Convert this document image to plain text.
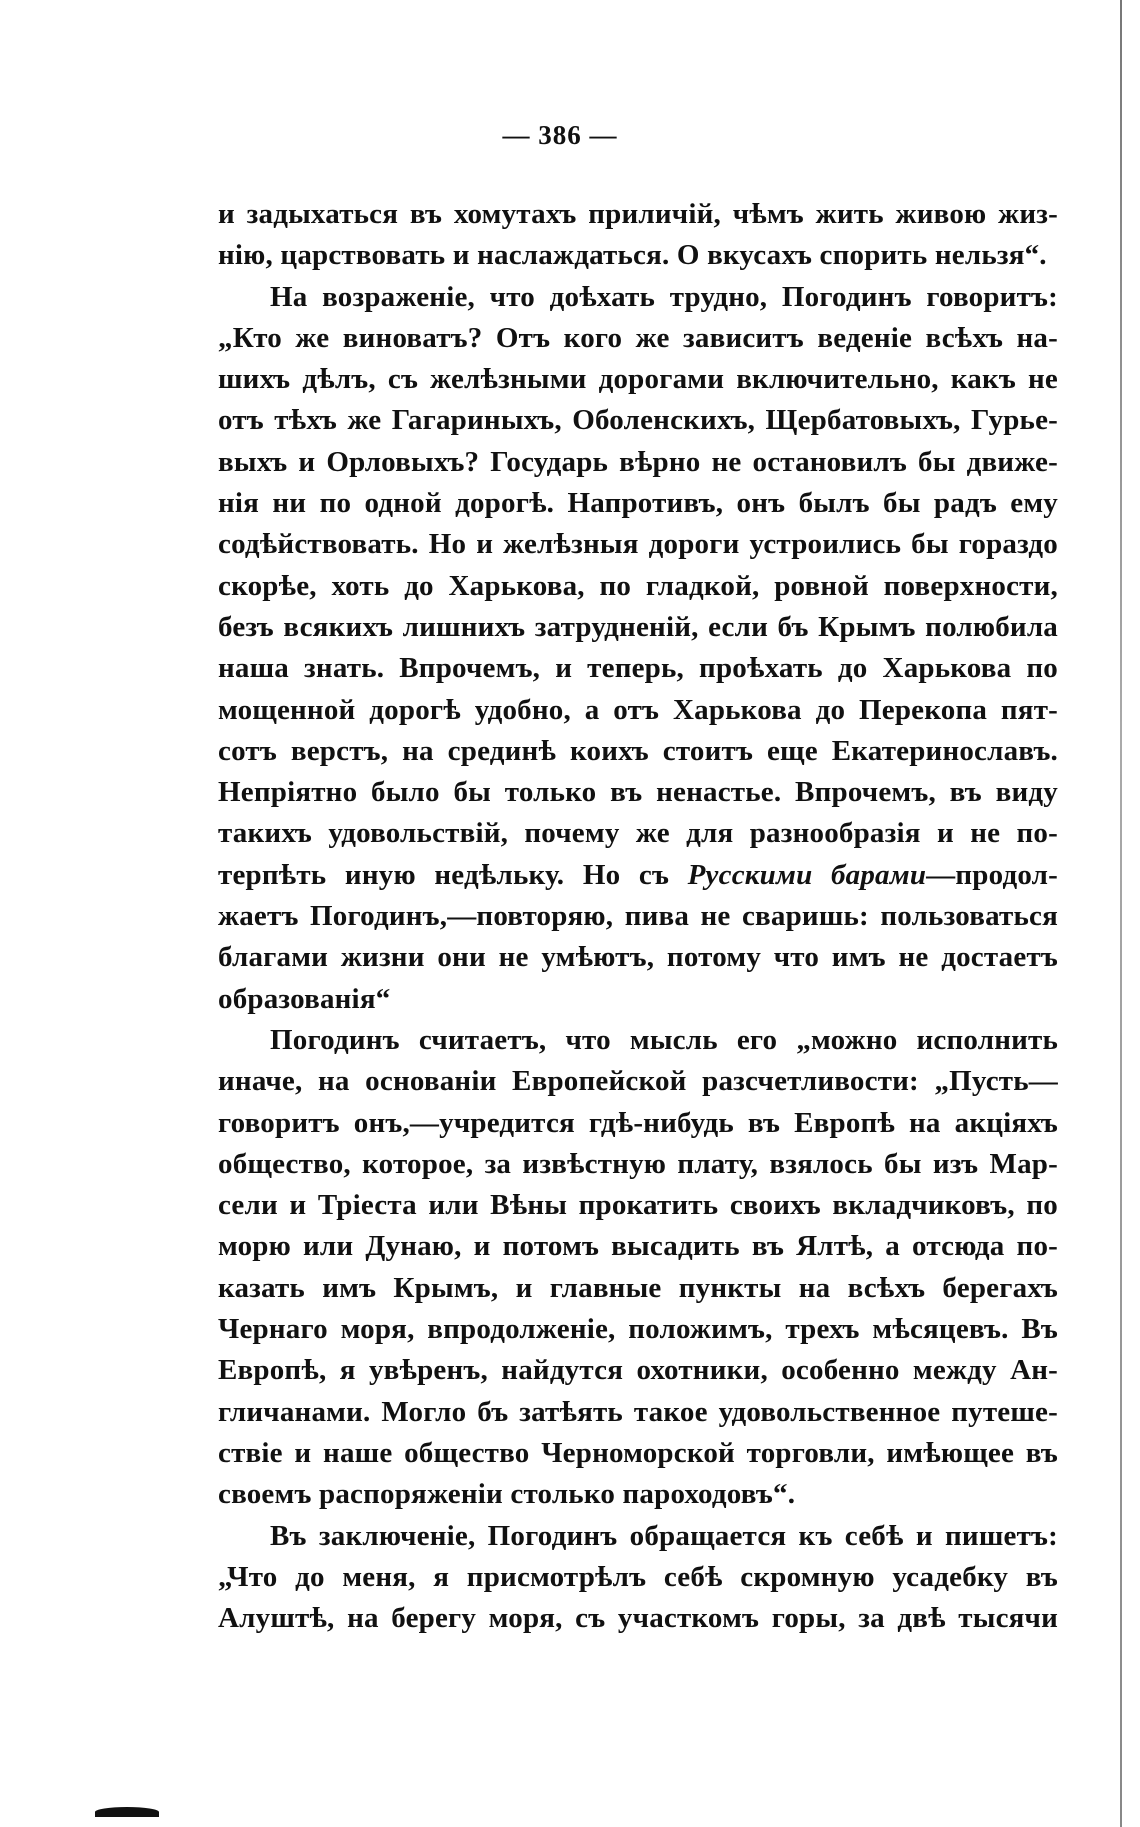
— 386 —
и задыхаться въ хомутахъ приличій, чѣмъ жить живою жиз-
нію, царствовать и наслаждаться. О вкусахъ спорить нельзя“.
На возраженіе, что доѣхать трудно, Погодинъ говоритъ:
„Кто же виноватъ? Отъ кого же зависитъ веденіе всѣхъ на-
шихъ дѣлъ, съ желѣзными дорогами включительно, какъ не
отъ тѣхъ же Гагариныхъ, Оболенскихъ, Щербатовыхъ, Гурье-
выхъ и Орловыхъ? Государь вѣрно не остановилъ бы движе-
нія ни по одной дорогѣ. Напротивъ, онъ былъ бы радъ ему
содѣйствовать. Но и желѣзныя дороги устроились бы гораздо
скорѣе, хоть до Харькова, по гладкой, ровной поверхности,
безъ всякихъ лишнихъ затрудненій, если бъ Крымъ полюбила
наша знать. Впрочемъ, и теперь, проѣхать до Харькова по
мощенной дорогѣ удобно, а отъ Харькова до Перекопа пят-
сотъ верстъ, на срединѣ коихъ стоитъ еще Екатеринославъ.
Непріятно было бы только въ ненастье. Впрочемъ, въ виду
такихъ удовольствій, почему же для разнообразія и не по-
терпѣть иную недѣльку. Но съ Русскими барами—продол-
жаетъ Погодинъ,—повторяю, пива не сваришь: пользоваться
благами жизни они не умѣютъ, потому что имъ не достаетъ
образованія“
Погодинъ считаетъ, что мысль его „можно исполнить
иначе, на основаніи Европейской разсчетливости: „Пусть—
говоритъ онъ,—учредится гдѣ-нибудь въ Европѣ на акціяхъ
общество, которое, за извѣстную плату, взялось бы изъ Мар-
сели и Тріеста или Вѣны прокатить своихъ вкладчиковъ, по
морю или Дунаю, и потомъ высадить въ Ялтѣ, а отсюда по-
казать имъ Крымъ, и главные пункты на всѣхъ берегахъ
Чернаго моря, впродолженіе, положимъ, трехъ мѣсяцевъ. Въ
Европѣ, я увѣренъ, найдутся охотники, особенно между Ан-
гличанами. Могло бъ затѣять такое удовольственное путеше-
ствіе и наше общество Черноморской торговли, имѣющее въ
своемъ распоряженіи столько пароходовъ“.
Въ заключеніе, Погодинъ обращается къ себѣ и пишетъ:
„Что до меня, я присмотрѣлъ себѣ скромную усадебку въ
Алуштѣ, на берегу моря, съ участкомъ горы, за двѣ тысячи
